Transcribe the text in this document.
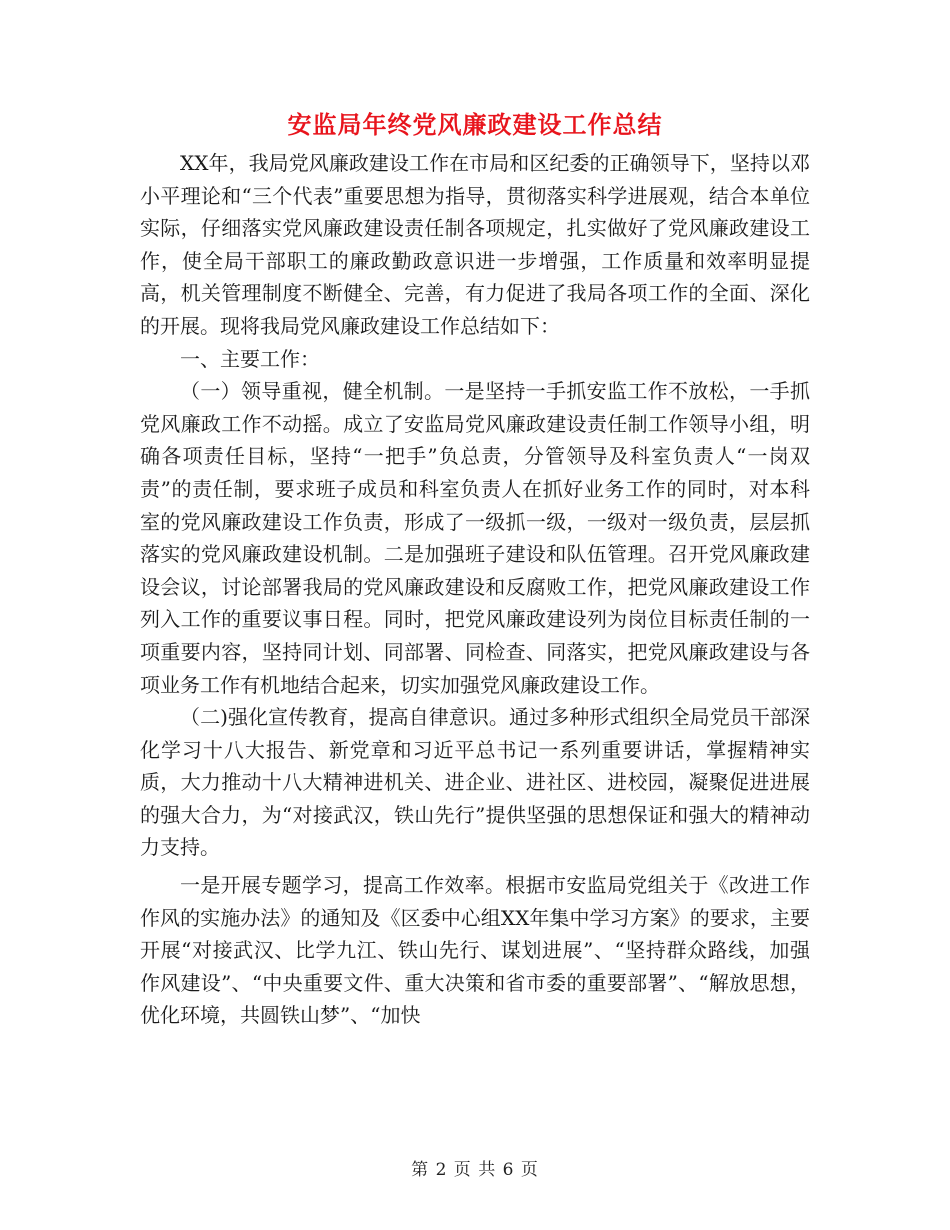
安监局年终党风廉政建设工作总结

XX年，我局党风廉政建设工作在市局和区纪委的正确领导下，坚持以邓小平理论和“三个代表”重要思想为指导，贯彻落实科学进展观，结合本单位实际，仔细落实党风廉政建设责任制各项规定，扎实做好了党风廉政建设工作，使全局干部职工的廉政勤政意识进一步增强，工作质量和效率明显提高，机关管理制度不断健全、完善，有力促进了我局各项工作的全面、深化的开展。现将我局党风廉政建设工作总结如下：

一、主要工作：

（一）领导重视，健全机制。一是坚持一手抓安监工作不放松，一手抓党风廉政工作不动摇。成立了安监局党风廉政建设责任制工作领导小组，明确各项责任目标，坚持“一把手”负总责，分管领导及科室负责人“一岗双责”的责任制，要求班子成员和科室负责人在抓好业务工作的同时，对本科室的党风廉政建设工作负责，形成了一级抓一级，一级对一级负责，层层抓落实的党风廉政建设机制。二是加强班子建设和队伍管理。召开党风廉政建设会议，讨论部署我局的党风廉政建设和反腐败工作，把党风廉政建设工作列入工作的重要议事日程。同时，把党风廉政建设列为岗位目标责任制的一项重要内容，坚持同计划、同部署、同检查、同落实，把党风廉政建设与各项业务工作有机地结合起来，切实加强党风廉政建设工作。

（二)强化宣传教育，提高自律意识。通过多种形式组织全局党员干部深化学习十八大报告、新党章和习近平总书记一系列重要讲话，掌握精神实质，大力推动十八大精神进机关、进企业、进社区、进校园，凝聚促进进展的强大合力，为“对接武汉，铁山先行”提供坚强的思想保证和强大的精神动力支持。

一是开展专题学习，提高工作效率。根据市安监局党组关于《改进工作作风的实施办法》的通知及《区委中心组XX年集中学习方案》的要求，主要开展“对接武汉、比学九江、铁山先行、谋划进展”、“坚持群众路线，加强作风建设”、“中央重要文件、重大决策和省市委的重要部署”、“解放思想，优化环境，共圆铁山梦”、“加快

第 2 页 共 6 页
